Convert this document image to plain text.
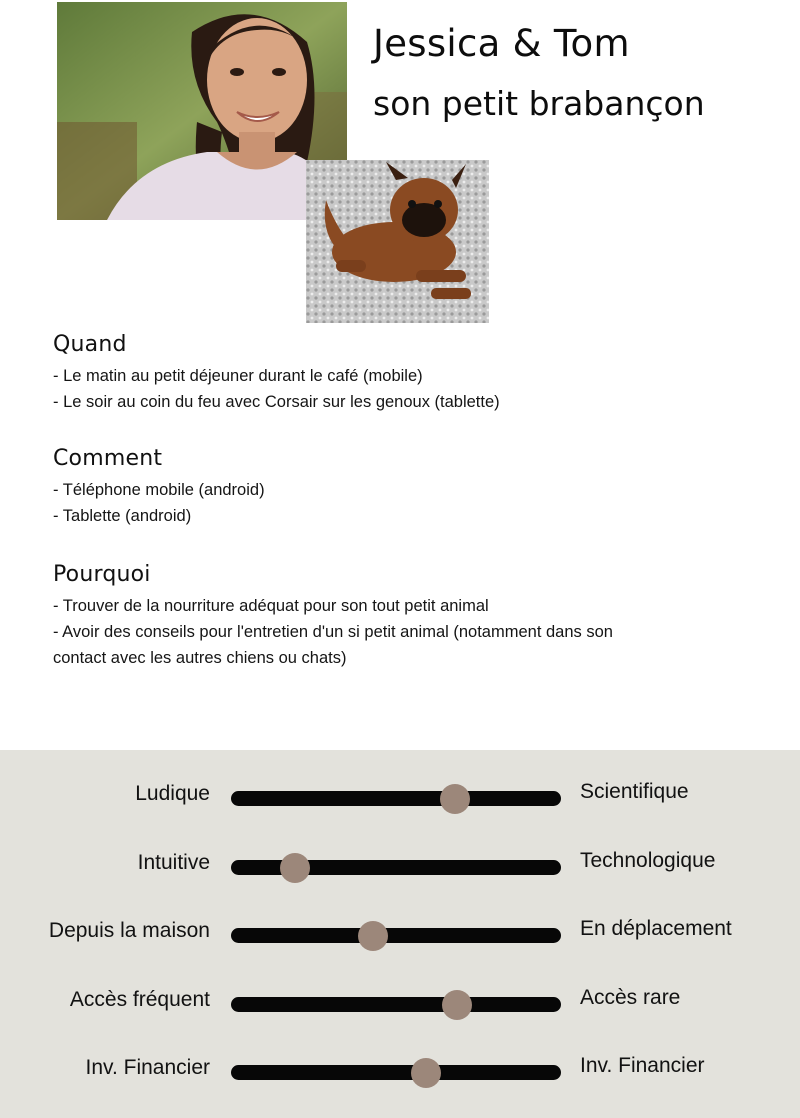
Jessica & Tom
son petit brabançon
Quand
- Le matin au petit déjeuner durant le café (mobile)
- Le soir au coin du feu avec Corsair sur les genoux (tablette)
Comment
- Téléphone mobile (android)
- Tablette (android)
Pourquoi
- Trouver de la nourriture adéquat pour son tout petit animal
- Avoir des conseils pour l'entretien d'un si petit animal (notamment dans son
contact avec les autres chiens ou chats)
Ludique	Scientifique
Intuitive	Technologique
Depuis la maison	En déplacement
Accès fréquent	Accès rare
Inv. Financier	Inv. Financier
